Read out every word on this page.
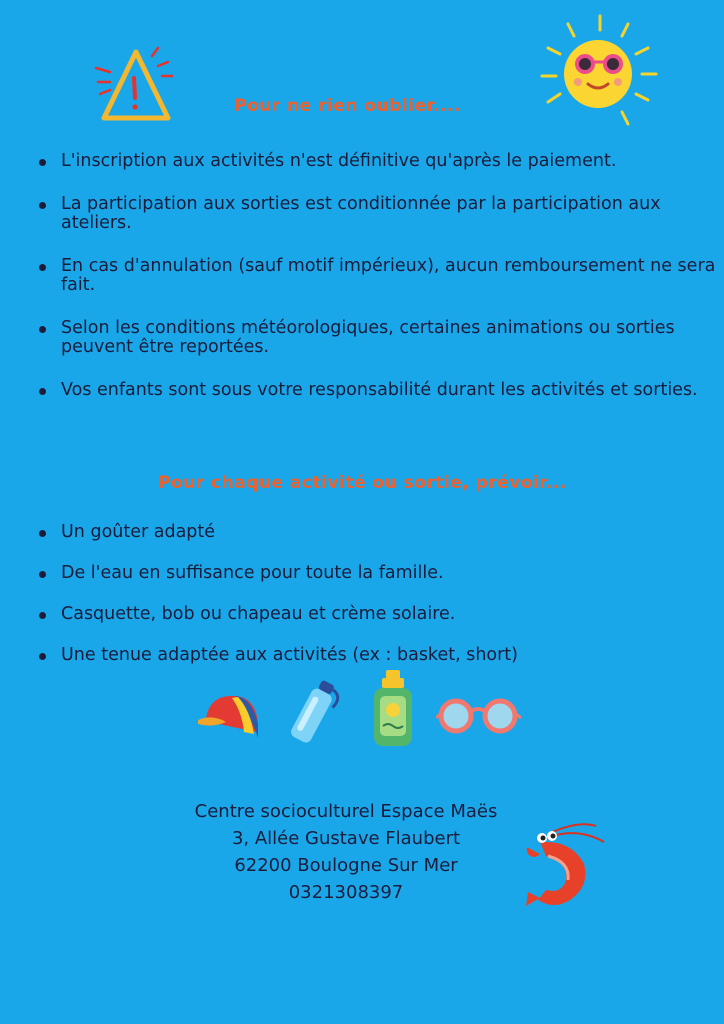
Pour ne rien oublier....
L'inscription aux activités n'est définitive qu'après le paiement.
La participation aux sorties est conditionnée par la participation aux ateliers.
En cas d'annulation (sauf motif impérieux), aucun remboursement ne sera fait.
Selon les conditions météorologiques, certaines animations ou sorties peuvent être reportées.
Vos enfants sont sous votre responsabilité durant les activités et sorties.
Pour chaque activité ou sortie, prévoir...
Un goûter adapté
De l'eau en suffisance pour toute la famille.
Casquette, bob ou chapeau et crème solaire.
Une tenue adaptée aux activités (ex : basket, short)
Centre socioculturel Espace Maës
3, Allée Gustave Flaubert
62200 Boulogne Sur Mer
0321308397
